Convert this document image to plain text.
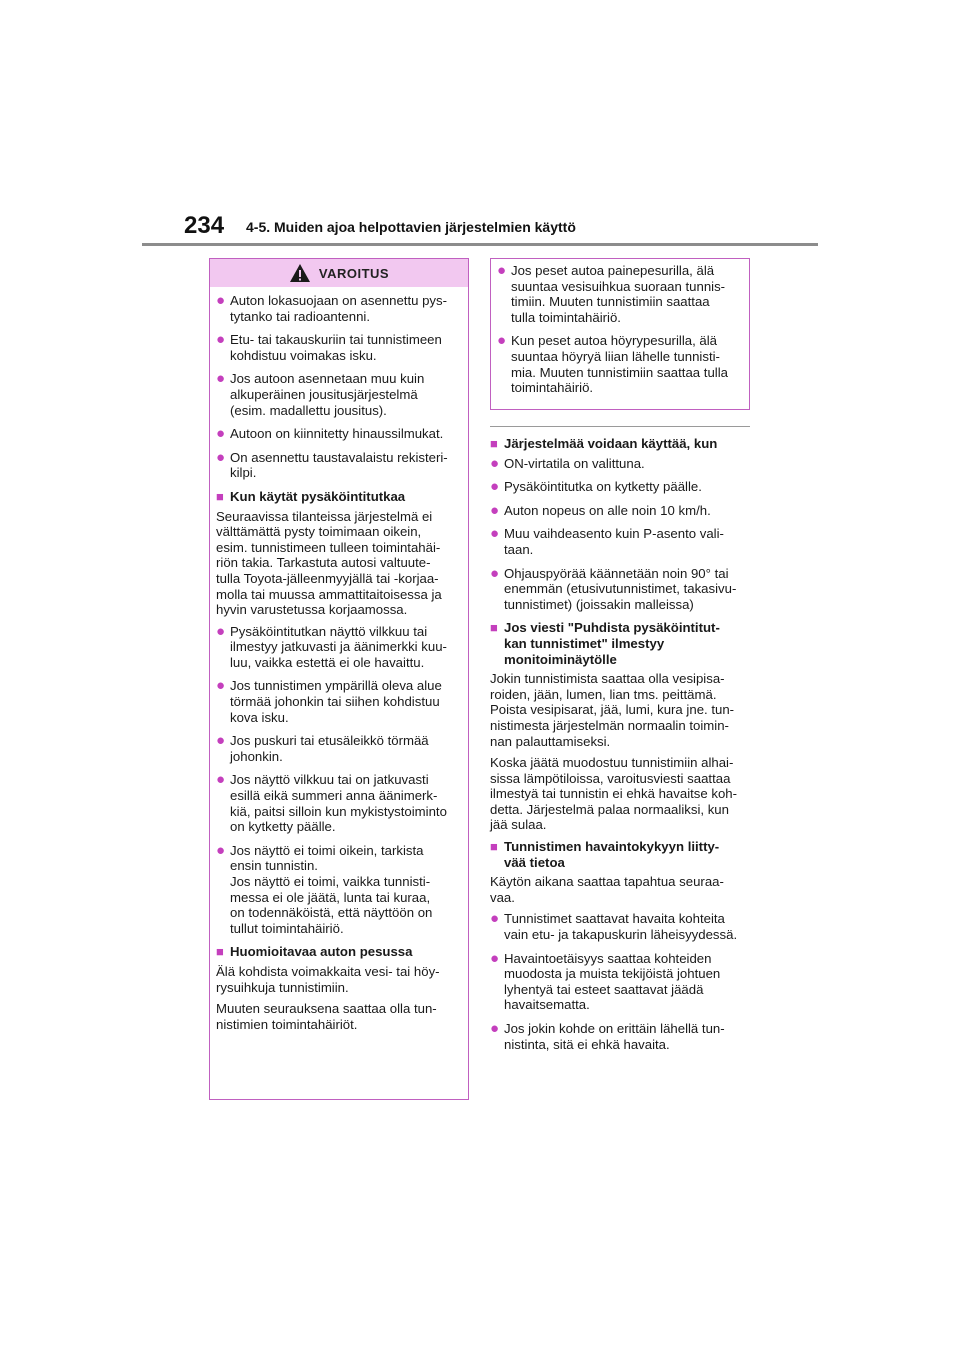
234 4-5. Muiden ajoa helpottavien järjestelmien käyttö
VAROITUS
● Auton lokasuojaan on asennettu pys-
tytanko tai radioantenni.
● Etu- tai takauskuriin tai tunnistimeen
kohdistuu voimakas isku.
● Jos autoon asennetaan muu kuin
alkuperäinen jousitusjärjestelmä
(esim. madallettu jousitus).
● Autoon on kiinnitetty hinaussilmukat.
● On asennettu taustavalaistu rekisteri-
kilpi.
■ Kun käytät pysäköintitutkaa
Seuraavissa tilanteissa järjestelmä ei
välttämättä pysty toimimaan oikein,
esim. tunnistimeen tulleen toimintahäi-
riön takia. Tarkastuta autosi valtuute-
tulla Toyota-jälleenmyyjällä tai -korjaa-
molla tai muussa ammattitaitoisessa ja
hyvin varustetussa korjaamossa.
● Pysäköintitutkan näyttö vilkkuu tai
ilmestyy jatkuvasti ja äänimerkki kuu-
luu, vaikka estettä ei ole havaittu.
● Jos tunnistimen ympärillä oleva alue
törmää johonkin tai siihen kohdistuu
kova isku.
● Jos puskuri tai etusäleikkö törmää
johonkin.
● Jos näyttö vilkkuu tai on jatkuvasti
esillä eikä summeri anna äänimerk-
kiä, paitsi silloin kun mykistystoiminto
on kytketty päälle.
● Jos näyttö ei toimi oikein, tarkista
ensin tunnistin.
Jos näyttö ei toimi, vaikka tunnisti-
messa ei ole jäätä, lunta tai kuraa,
on todennäköistä, että näyttöön on
tullut toimintahäiriö.
■ Huomioitavaa auton pesussa
Älä kohdista voimakkaita vesi- tai höy-
rysuihkuja tunnistimiin.
Muuten seurauksena saattaa olla tun-
nistimien toimintahäiriöt.
● Jos peset autoa painepesurilla, älä
suuntaa vesisuihkua suoraan tunnis-
timiin. Muuten tunnistimiin saattaa
tulla toimintahäiriö.
● Kun peset autoa höyrypesurilla, älä
suuntaa höyryä liian lähelle tunnisti-
mia. Muuten tunnistimiin saattaa tulla
toimintahäiriö.
■ Järjestelmää voidaan käyttää, kun
● ON-virtatila on valittuna.
● Pysäköintitutka on kytketty päälle.
● Auton nopeus on alle noin 10 km/h.
● Muu vaihdeasento kuin P-asento vali-
taan.
● Ohjauspyörää käännetään noin 90° tai
enemmän (etusivutunnistimet, takasivu-
tunnistimet) (joissakin malleissa)
■ Jos viesti "Puhdista pysäköintitut-
kan tunnistimet" ilmestyy
monitoiminäytölle
Jokin tunnistimista saattaa olla vesipisa-
roiden, jään, lumen, lian tms. peittämä.
Poista vesipisarat, jää, lumi, kura jne. tun-
nistimesta järjestelmän normaalin toimin-
nan palauttamiseksi.
Koska jäätä muodostuu tunnistimiin alhai-
sissa lämpötiloissa, varoitusviesti saattaa
ilmestyä tai tunnistin ei ehkä havaitse koh-
detta. Järjestelmä palaa normaaliksi, kun
jää sulaa.
■ Tunnistimen havaintokykyyn liitty-
vää tietoa
Käytön aikana saattaa tapahtua seuraa-
vaa.
● Tunnistimet saattavat havaita kohteita
vain etu- ja takapuskurin läheisyydessä.
● Havaintoetäisyys saattaa kohteiden
muodosta ja muista tekijöistä johtuen
lyhentyä tai esteet saattavat jäädä
havaitsematta.
● Jos jokin kohde on erittäin lähellä tun-
nistinta, sitä ei ehkä havaita.
